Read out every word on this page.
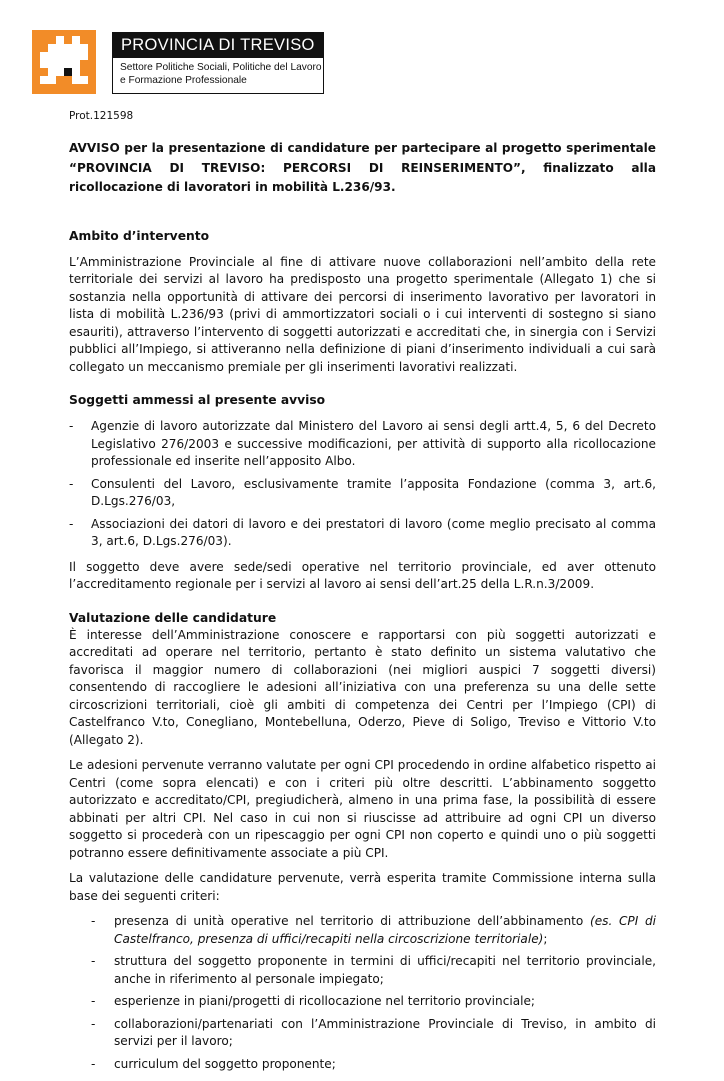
PROVINCIA DI TREVISO
Settore Politiche Sociali, Politiche del Lavoro
e Formazione Professionale
Prot.121598
AVVISO per la presentazione di candidature per partecipare al progetto sperimentale “PROVINCIA DI TREVISO: PERCORSI DI REINSERIMENTO”, finalizzato alla ricollocazione di lavoratori in mobilità L.236/93.
Ambito d’intervento

L’Amministrazione Provinciale al fine di attivare nuove collaborazioni nell’ambito della rete territoriale dei servizi al lavoro ha predisposto una progetto sperimentale (Allegato 1) che si sostanzia nella opportunità di attivare dei percorsi di inserimento lavorativo per lavoratori in lista di mobilità L.236/93 (privi di ammortizzatori sociali o i cui interventi di sostegno si siano esauriti), attraverso l’intervento di soggetti autorizzati e accreditati che, in sinergia con i Servizi pubblici all’Impiego, si attiveranno nella definizione di piani d’inserimento individuali a cui sarà collegato un meccanismo premiale per gli inserimenti lavorativi realizzati.

Soggetti ammessi al presente avviso
- Agenzie di lavoro autorizzate dal Ministero del Lavoro ai sensi degli artt.4, 5, 6 del Decreto Legislativo 276/2003 e successive modificazioni, per attività di supporto alla ricollocazione professionale ed inserite nell’apposito Albo.
- Consulenti del Lavoro, esclusivamente tramite l’apposita Fondazione (comma 3, art.6, D.Lgs.276/03,
- Associazioni dei datori di lavoro e dei prestatori di lavoro (come meglio precisato al comma 3, art.6, D.Lgs.276/03).

Il soggetto deve avere sede/sedi operative nel territorio provinciale, ed aver ottenuto l’accreditamento regionale per i servizi al lavoro ai sensi dell’art.25 della L.R.n.3/2009.

Valutazione delle candidature

È interesse dell’Amministrazione conoscere e rapportarsi con più soggetti autorizzati e accreditati ad operare nel territorio, pertanto è stato definito un sistema valutativo che favorisca il maggior numero di collaborazioni (nei migliori auspici 7 soggetti diversi) consentendo di raccogliere le adesioni all’iniziativa con una preferenza su una delle sette circoscrizioni territoriali, cioè gli ambiti di competenza dei Centri per l’Impiego (CPI) di Castelfranco V.to, Conegliano, Montebelluna, Oderzo, Pieve di Soligo, Treviso e Vittorio V.to (Allegato 2).

Le adesioni pervenute verranno valutate per ogni CPI procedendo in ordine alfabetico rispetto ai Centri (come sopra elencati) e con i criteri più oltre descritti. L’abbinamento soggetto autorizzato e accreditato/CPI, pregiudicherà, almeno in una prima fase, la possibilità di essere abbinati per altri CPI. Nel caso in cui non si riuscisse ad attribuire ad ogni CPI un diverso soggetto si procederà con un ripescaggio per ogni CPI non coperto e quindi uno o più soggetti potranno essere definitivamente associate a più CPI.

La valutazione delle candidature pervenute, verrà esperita tramite Commissione interna sulla base dei seguenti criteri:

- presenza di unità operative nel territorio di attribuzione dell’abbinamento (es. CPI di Castelfranco, presenza di uffici/recapiti nella circoscrizione territoriale);
- struttura del soggetto proponente in termini di uffici/recapiti nel territorio provinciale, anche in riferimento al personale impiegato;
- esperienze in piani/progetti di ricollocazione nel territorio provinciale;
- collaborazioni/partenariati con l’Amministrazione Provinciale di Treviso, in ambito di servizi per il lavoro;
- curriculum del soggetto proponente;
